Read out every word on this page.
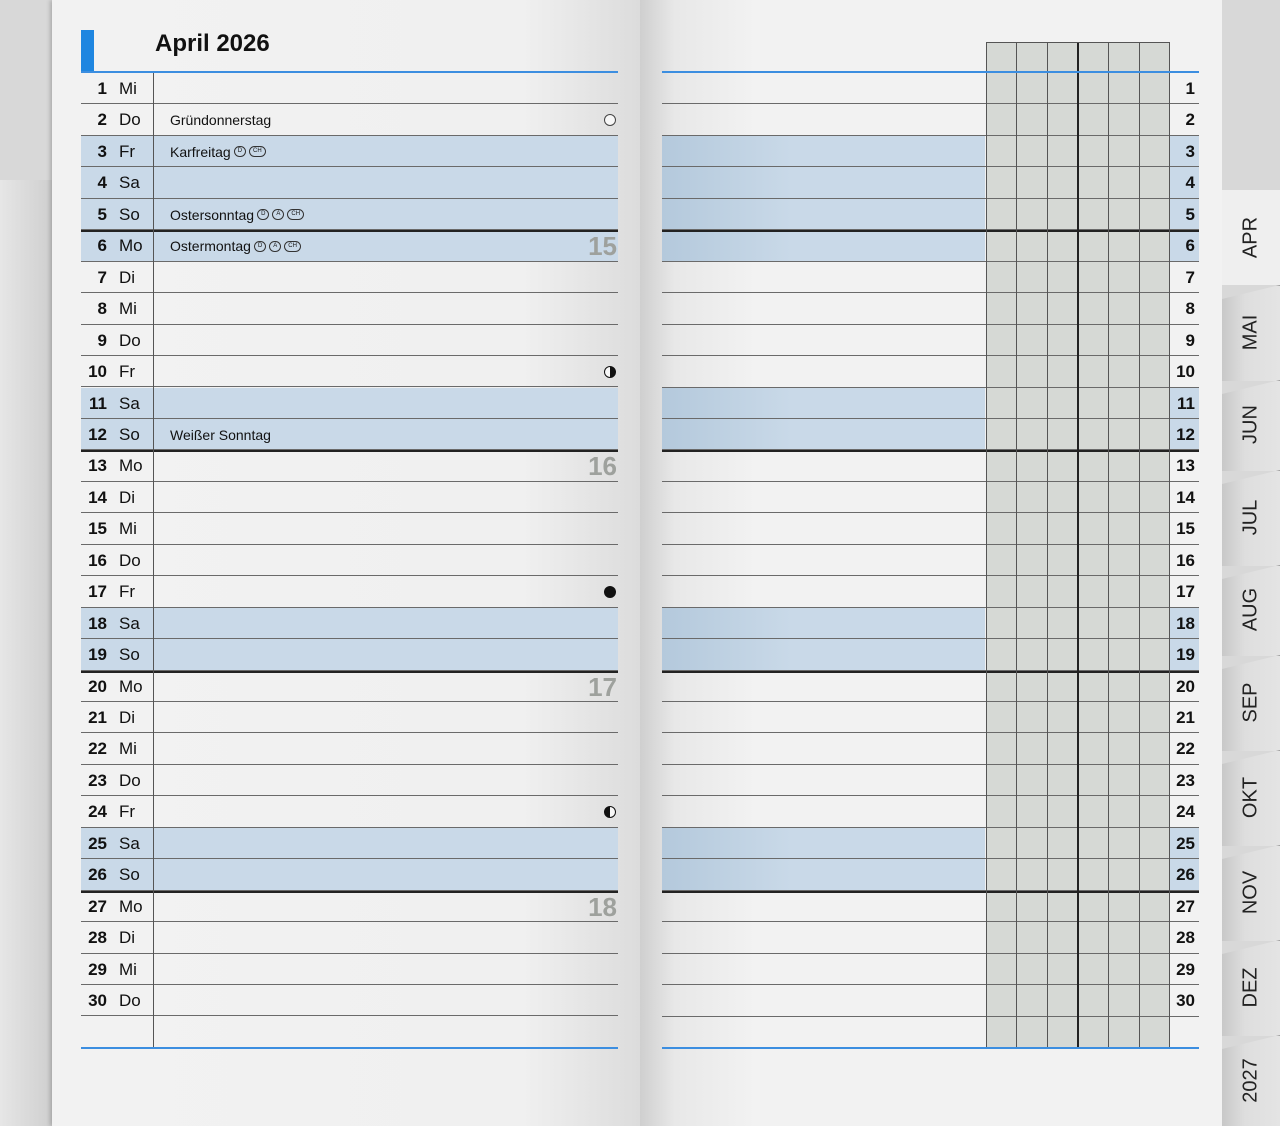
April 2026
1 Mi
2 Do Gründonnerstag
3 Fr Karfreitag	D	CH
4 Sa
5 So Ostersonntag	D	A	CH
6 Mo Ostermontag	D	A	CH	15
7 Di
8 Mi
9 Do
10 Fr
11 Sa
12 So Weißer Sonntag
13 Mo	16
14 Di
15 Mi
16 Do
17 Fr
18 Sa
19 So
20 Mo	17
21 Di
22 Mi
23 Do
24 Fr
25 Sa
26 So
27 Mo	18
28 Di
29 Mi
30 Do
1
2
3
4
5
6
7
8
9
10
11
12
13
14
15
16
17
18
19
20
21
22
23
24
25
26
27
28
29
30
APR
MAI
JUN
JUL
AUG
SEP
OKT
NOV
DEZ
2027
